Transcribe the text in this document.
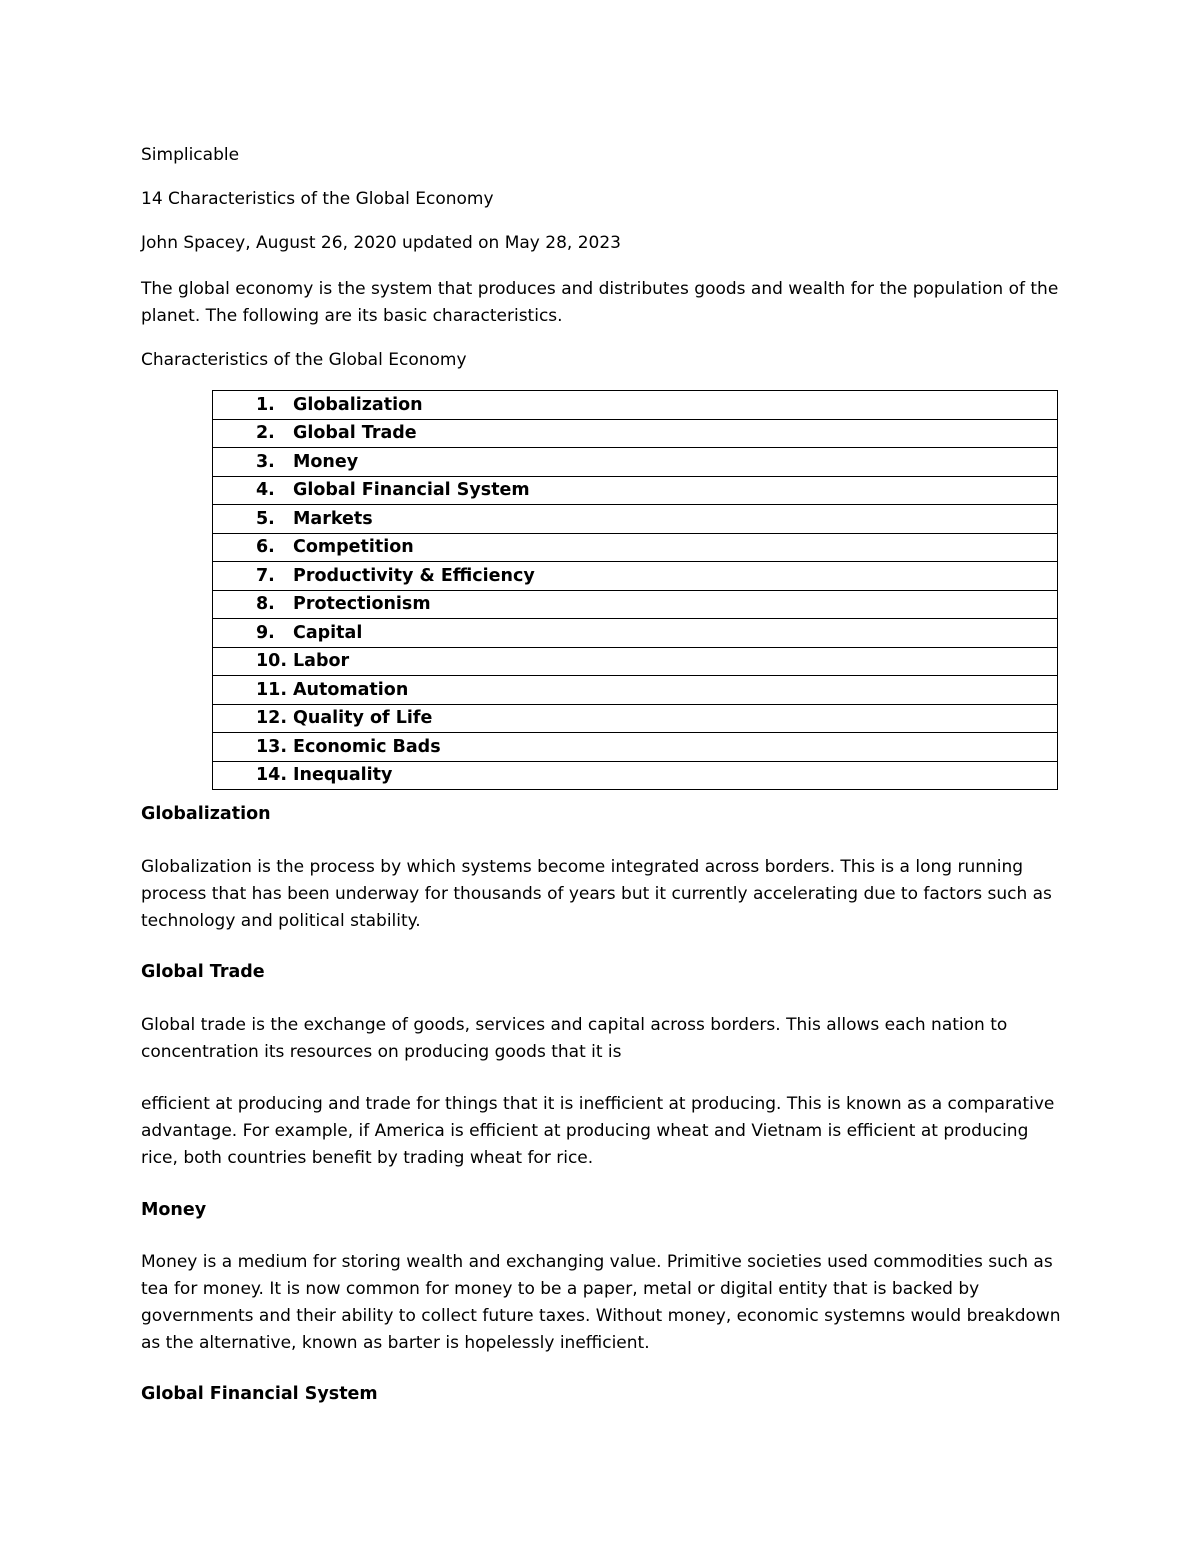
Simplicable
14 Characteristics of the Global Economy
John Spacey, August 26, 2020 updated on May 28, 2023
The global economy is the system that produces and distributes goods and wealth for the population of the planet. The following are its basic characteristics.
Characteristics of the Global Economy
1. Globalization
2. Global Trade
3. Money
4. Global Financial System
5. Markets
6. Competition
7. Productivity & Efficiency
8. Protectionism
9. Capital
10. Labor
11. Automation
12. Quality of Life
13. Economic Bads
14. Inequality
Globalization
Globalization is the process by which systems become integrated across borders. This is a long running process that has been underway for thousands of years but it currently accelerating due to factors such as technology and political stability.
Global Trade
Global trade is the exchange of goods, services and capital across borders. This allows each nation to concentration its resources on producing goods that it is
efficient at producing and trade for things that it is inefficient at producing. This is known as a comparative advantage. For example, if America is efficient at producing wheat and Vietnam is efficient at producing rice, both countries benefit by trading wheat for rice.
Money
Money is a medium for storing wealth and exchanging value. Primitive societies used commodities such as tea for money. It is now common for money to be a paper, metal or digital entity that is backed by governments and their ability to collect future taxes. Without money, economic systemns would breakdown as the alternative, known as barter is hopelessly inefficient.
Global Financial System
